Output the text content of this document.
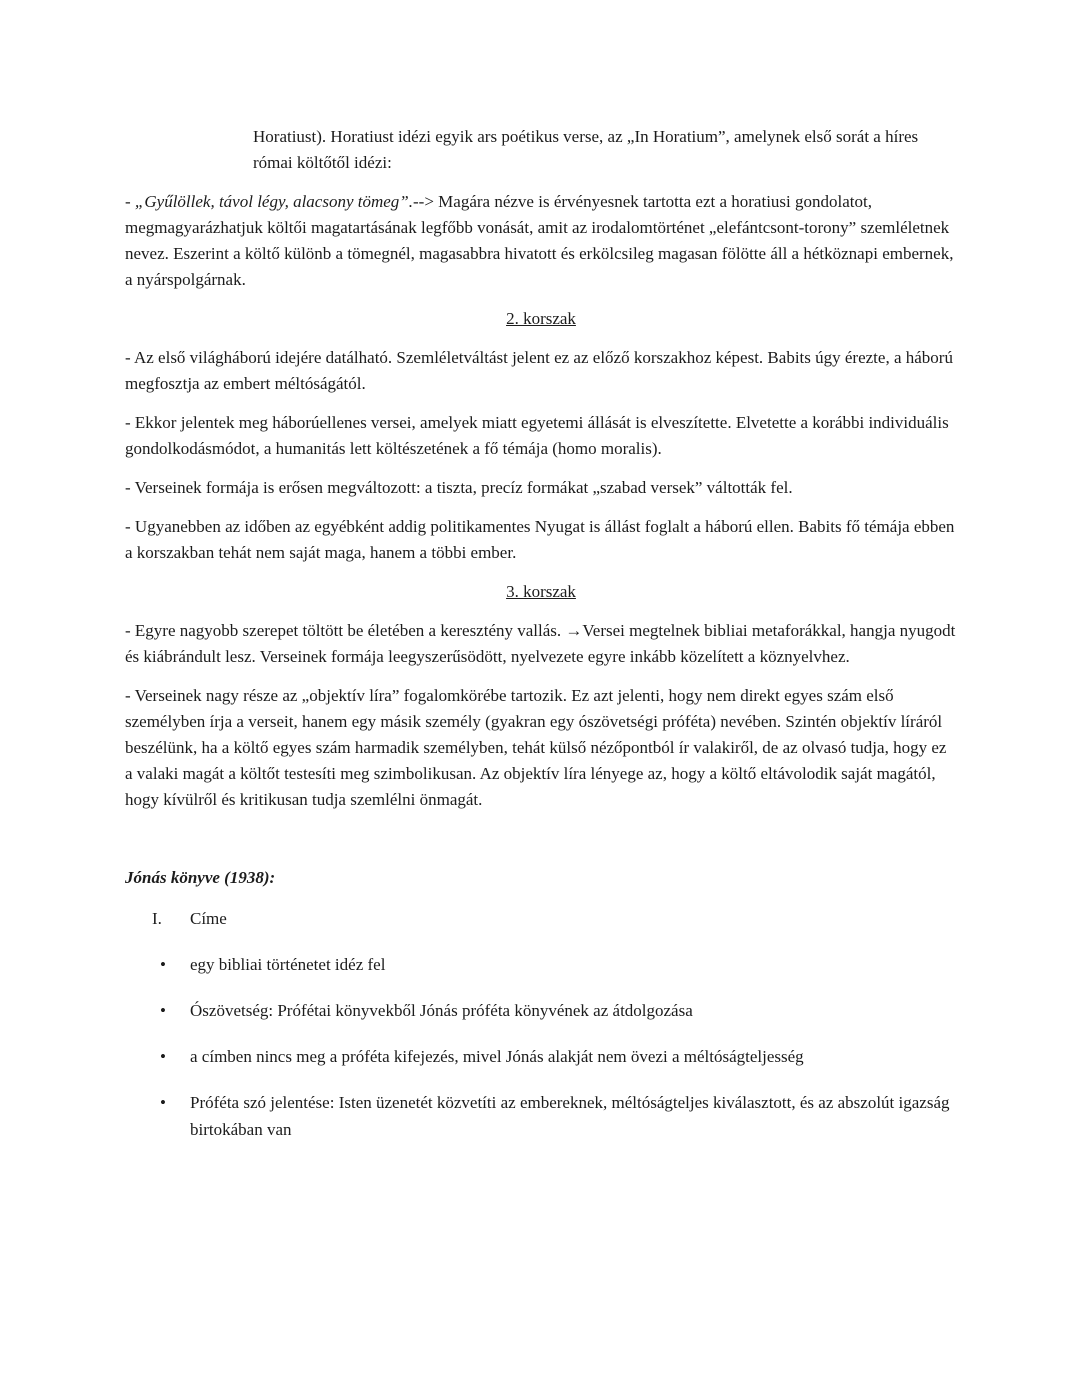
Horatiust). Horatiust idézi egyik ars poétikus verse, az „In Horatium”, amelynek első sorát a híres római költőtől idézi:

- „Gyűlöllek, távol légy, alacsony tömeg”.--> Magára nézve is érvényesnek tartotta ezt a horatiusi gondolatot, megmagyarázhatjuk költői magatartásának legfőbb vonását, amit az irodalomtörténet „elefántcsont-torony” szemléletnek nevez. Eszerint a költő különb a tömegnél, magasabbra hivatott és erkölcsileg magasan fölötte áll a hétköznapi embernek, a nyárspolgárnak.

2. korszak

- Az első világháború idejére datálható. Szemléletváltást jelent ez az előző korszakhoz képest. Babits úgy érezte, a háború megfosztja az embert méltóságától.

- Ekkor jelentek meg háborúellenes versei, amelyek miatt egyetemi állását is elveszítette. Elvetette a korábbi individuális gondolkodásmódot, a humanitás lett költészetének a fő témája (homo moralis).

- Verseinek formája is erősen megváltozott: a tiszta, precíz formákat „szabad versek” váltották fel.

- Ugyanebben az időben az egyébként addig politikamentes Nyugat is állást foglalt a háború ellen. Babits fő témája ebben a korszakban tehát nem saját maga, hanem a többi ember.

3. korszak

- Egyre nagyobb szerepet töltött be életében a keresztény vallás. →Versei megtelnek bibliai metaforákkal, hangja nyugodt és kiábrándult lesz. Verseinek formája leegyszerűsödött, nyelvezete egyre inkább közelített a köznyelvhez.

- Verseinek nagy része az „objektív líra” fogalomkörébe tartozik. Ez azt jelenti, hogy nem direkt egyes szám első személyben írja a verseit, hanem egy másik személy (gyakran egy ószövetségi próféta) nevében. Szintén objektív líráról beszélünk, ha a költő egyes szám harmadik személyben, tehát külső nézőpontból ír valakiről, de az olvasó tudja, hogy ez a valaki magát a költőt testesíti meg szimbolikusan. Az objektív líra lényege az, hogy a költő eltávolodik saját magától, hogy kívülről és kritikusan tudja szemlélni önmagát.

Jónás könyve (1938):

I.	Címe
•	egy bibliai történetet idéz fel
•	Ószövetség: Prófétai könyvekből Jónás próféta könyvének az átdolgozása
•	a címben nincs meg a próféta kifejezés, mivel Jónás alakját nem övezi a méltóságteljesség
•	Próféta szó jelentése: Isten üzenetét közvetíti az embereknek, méltóságteljes kiválasztott, és az abszolút igazság birtokában van
